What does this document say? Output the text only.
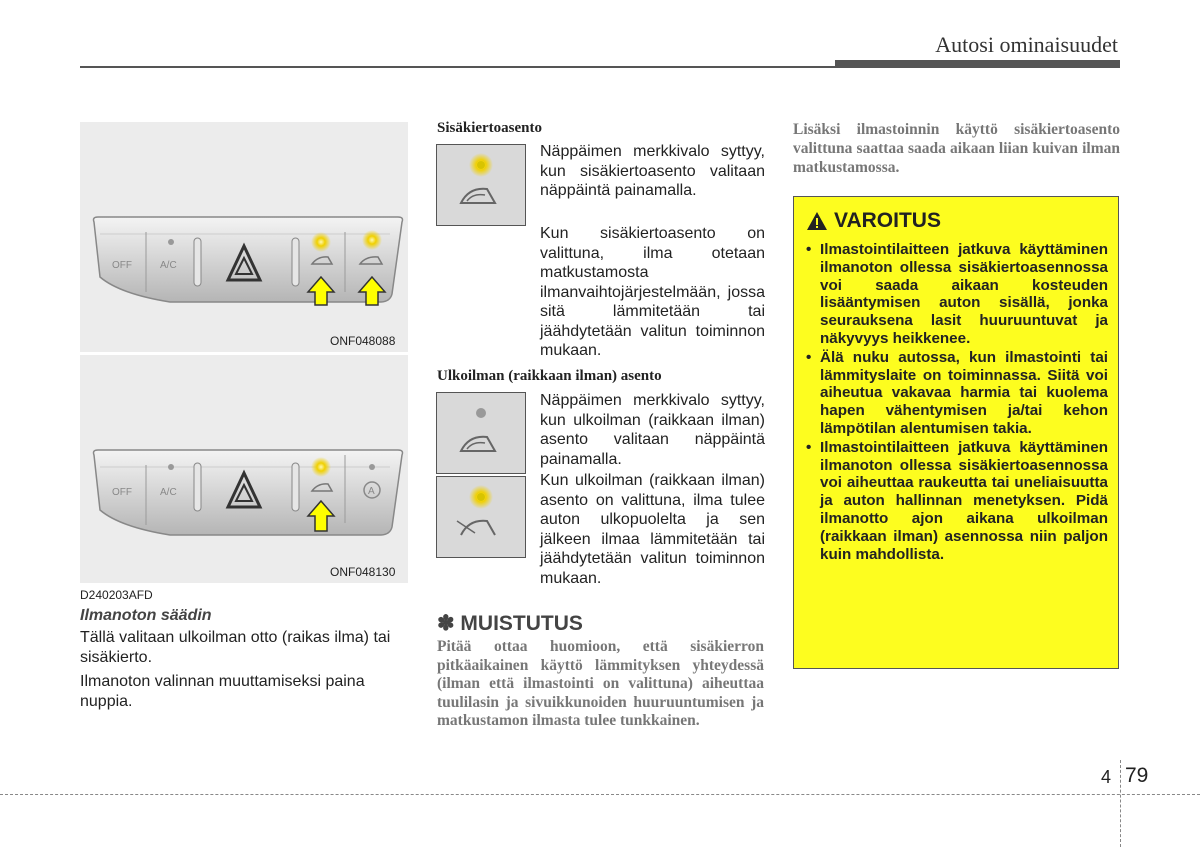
Autosi ominaisuudet
OFF	A/C
ONF048088
OFF	A/C	A
ONF048130
D240203AFD
Ilmanoton säädin
Tällä valitaan ulkoilman otto (raikas ilma) tai sisäkierto.
Ilmanoton valinnan muuttamiseksi paina nuppia.
Sisäkiertoasento
Näppäimen merkkivalo syttyy, kun sisäkiertoasento valitaan näppäintä painamalla.
Kun sisäkiertoasento on valittuna, ilma otetaan matkustamosta ilmanvaihtojärjestelmään, jossa sitä lämmitetään tai jäähdytetään valitun toiminnon mukaan.
Ulkoilman (raikkaan ilman) asento
Näppäimen merkkivalo syttyy, kun ulkoilman (raikkaan ilman) asento valitaan näppäintä painamalla.
Kun ulkoilman (raikkaan ilman) asento on valittuna, ilma tulee auton ulkopuolelta ja sen jälkeen ilmaa lämmitetään tai jäähdytetään valitun toiminnon mukaan.
✽ MUISTUTUS
Pitää ottaa huomioon, että sisäkierron pitkäaikainen käyttö lämmityksen yhteydessä (ilman että ilmastointi on valittuna) aiheuttaa tuulilasin ja sivuikkunoiden huuruuntumisen ja matkustamon ilmasta tulee tunkkainen.
Lisäksi ilmastoinnin käyttö sisäkiertoasento valittuna saattaa saada aikaan liian kuivan ilman matkustamossa.
VAROITUS
• Ilmastointilaitteen jatkuva käyttäminen ilmanoton ollessa sisäkiertoasennossa voi saada aikaan kosteuden lisääntymisen auton sisällä, jonka seurauksena lasit huuruuntuvat ja näkyvyys heikkenee.
• Älä nuku autossa, kun ilmastointi tai lämmityslaite on toiminnassa. Siitä voi aiheutua vakavaa harmia tai kuolema hapen vähentymisen ja/tai kehon lämpötilan alentumisen takia.
• Ilmastointilaitteen jatkuva käyttäminen ilmanoton ollessa sisäkiertoasennossa voi aiheuttaa raukeutta tai uneliaisuutta ja auton hallinnan menetyksen. Pidä ilmanotto ajon aikana ulkoilman (raikkaan ilman) asennossa niin paljon kuin mahdollista.
4 79
